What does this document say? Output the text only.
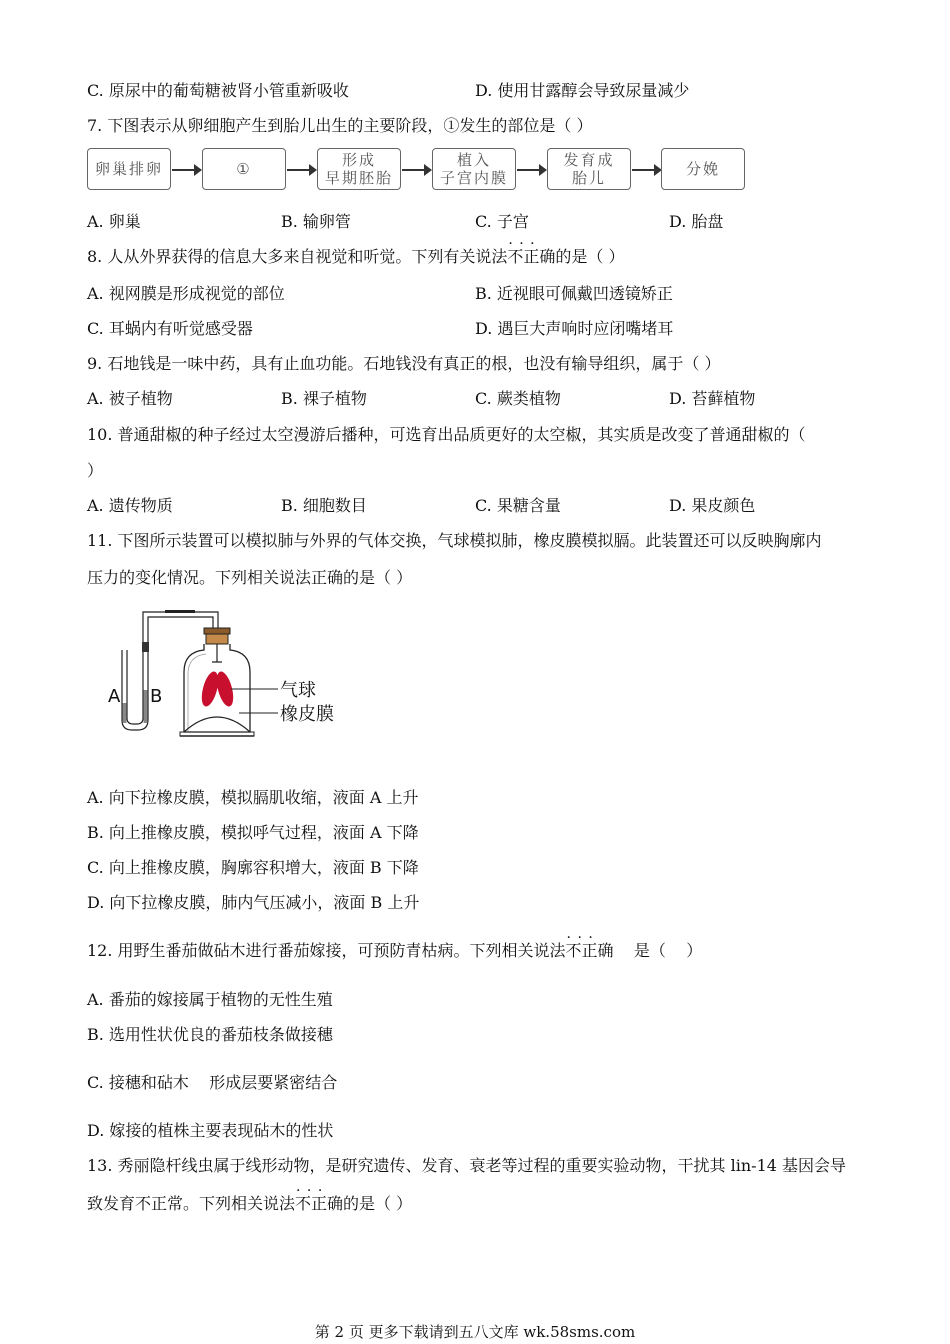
C. 原尿中的葡萄糖被肾小管重新吸收	D. 使用甘露醇会导致尿量减少
7. 下图表示从卵细胞产生到胎儿出生的主要阶段，①发生的部位是（ ）
卵巢排卵	①	形成
早期胚胎
植入
子宫内膜
发育成
胎儿	分娩
A. 卵巢	B. 输卵管	C. 子宫	D. 胎盘
8. 人从外界获得的信息大多来自视觉和听觉。下列有关说法· · · 不正确的是（ ）
A. 视网膜是形成视觉的部位	B. 近视眼可佩戴凹透镜矫正
C. 耳蜗内有听觉感受器	D. 遇巨大声响时应闭嘴堵耳
9. 石地钱是一味中药，具有止血功能。石地钱没有真正的根，也没有输导组织，属于（ ）
A. 被子植物	B. 裸子植物	C. 蕨类植物	D. 苔藓植物
10. 普通甜椒的种子经过太空漫游后播种，可选育出品质更好的太空椒，其实质是改变了普通甜椒的（
）
A. 遗传物质	B. 细胞数目	C. 果糖含量	D. 果皮颜色
11. 下图所示装置可以模拟肺与外界的气体交换，气球模拟肺，橡皮膜模拟膈。此装置还可以反映胸廓内
压力的变化情况。下列相关说法正确的是（ ）
A B	气球
橡皮膜
A. 向下拉橡皮膜，模拟膈肌收缩，液面 A 上升
B. 向上推橡皮膜，模拟呼气过程，液面 A 下降
C. 向上推橡皮膜，胸廓容积增大，液面 B 下降
D. 向下拉橡皮膜，肺内气压减小，液面 B 上升
12. 用野生番茄做砧木进行番茄嫁接，可预防青枯病。下列相关说法· · · 不正确    是（    ）
A. 番茄的嫁接属于植物的无性生殖
B. 选用性状优良的番茄枝条做接穗
C. 接穗和砧木    形成层要紧密结合
D. 嫁接的植株主要表现砧木的性状
13. 秀丽隐杆线虫属于线形动物，是研究遗传、发育、衰老等过程的重要实验动物，干扰其 lin-14 基因会导
致发育不正常。下列相关说法· · · 不正确的是（ ）
第 2 页 更多下载请到五八文库 wk.58sms.com
